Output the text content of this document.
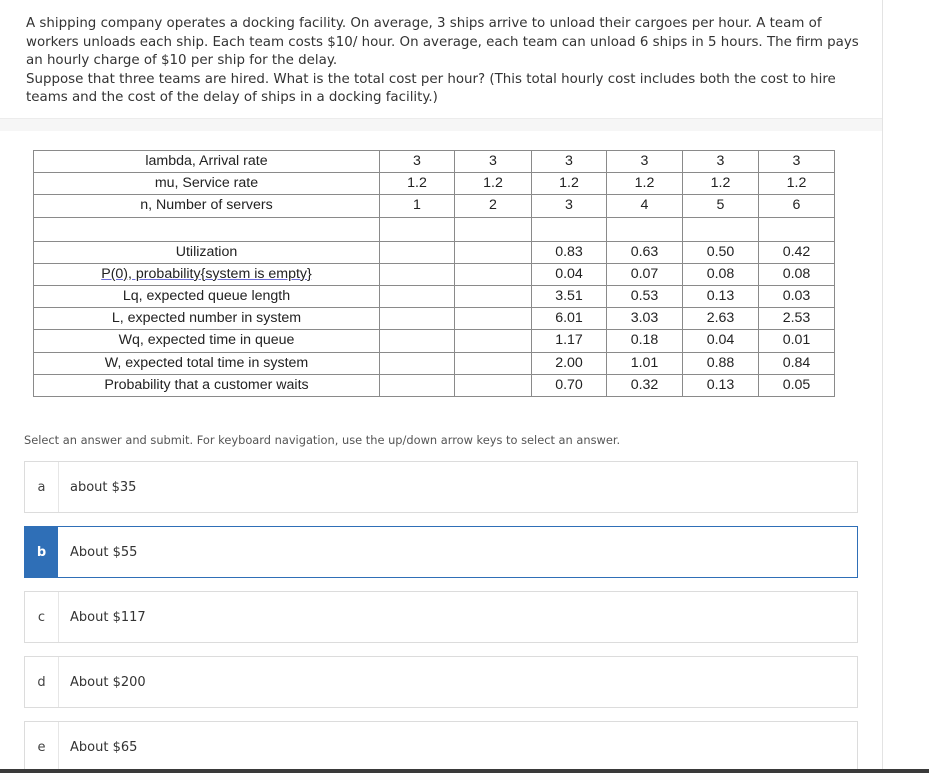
A shipping company operates a docking facility. On average, 3 ships arrive to unload their cargoes per hour. A team of workers unloads each ship. Each team costs $10/ hour. On average, each team can unload 6 ships in 5 hours. The firm pays an hourly charge of $10 per ship for the delay.

Suppose that three teams are hired. What is the total cost per hour? (This total hourly cost includes both the cost to hire teams and the cost of the delay of ships in a docking facility.)

lambda, Arrival rate	3	3	3	3	3	3
mu, Service rate	1.2	1.2	1.2	1.2	1.2	1.2
n, Number of servers	1	2	3	4	5	6

Utilization			0.83	0.63	0.50	0.42
P(0), probability{system is empty}			0.04	0.07	0.08	0.08
Lq, expected queue length			3.51	0.53	0.13	0.03
L, expected number in system			6.01	3.03	2.63	2.53
Wq, expected time in queue			1.17	0.18	0.04	0.01
W, expected total time in system			2.00	1.01	0.88	0.84
Probability that a customer waits			0.70	0.32	0.13	0.05
Select an answer and submit. For keyboard navigation, use the up/down arrow keys to select an answer.
a	about $35
b	About $55
c	About $117
d	About $200
e	About $65
